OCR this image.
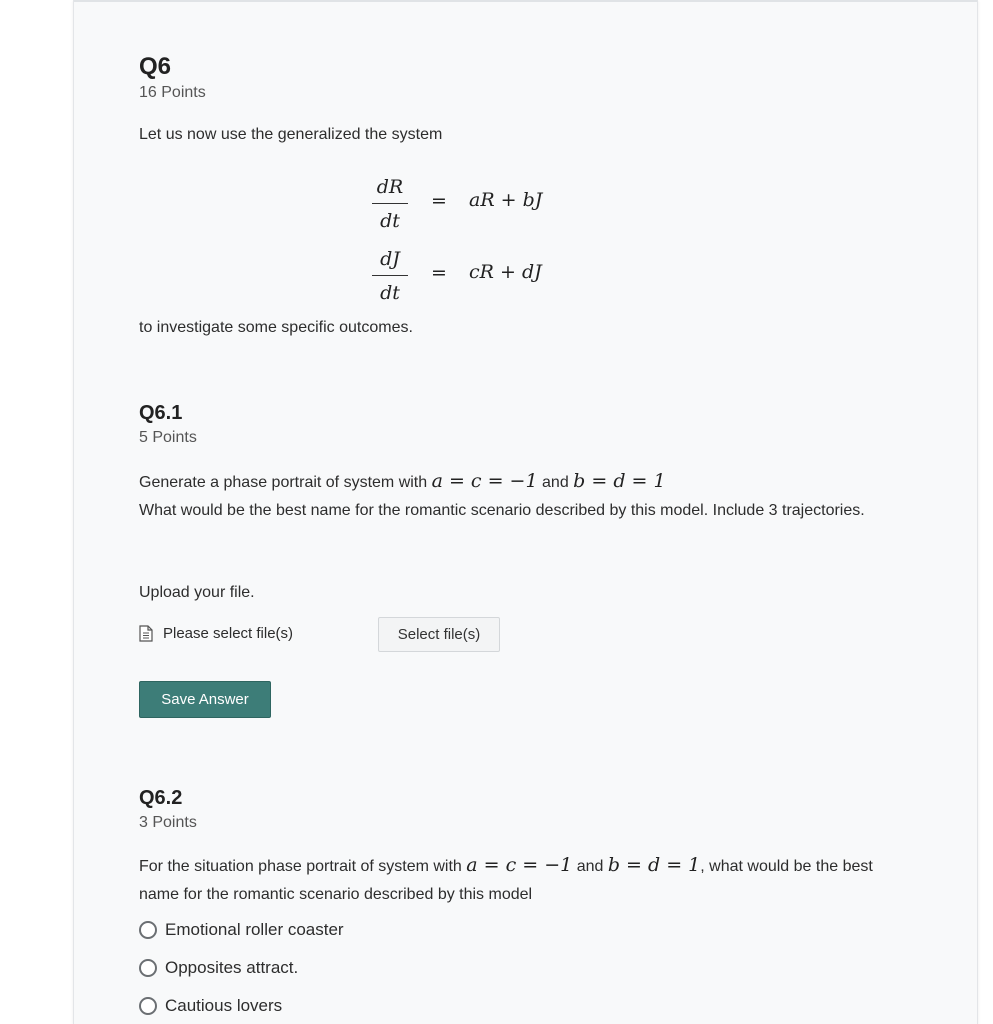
Q6

16 Points

Let us now use the generalized the system

dR
dt
= aR + bJ
dJ
dt
= cR + dJ

to investigate some specific outcomes.

Q6.1

5 Points

Generate a phase portrait of system with a = c = −1 and b = d = 1

What would be the best name for the romantic scenario described by this model. Include 3 trajectories.

Upload your file.

Please select file(s)	Select file(s)
Save Answer
Q6.2

3 Points

For the situation phase portrait of system with a = c = −1 and b = d = 1, what would be the best name for the romantic scenario described by this model

Emotional roller coaster
Opposites attract.
Cautious lovers
